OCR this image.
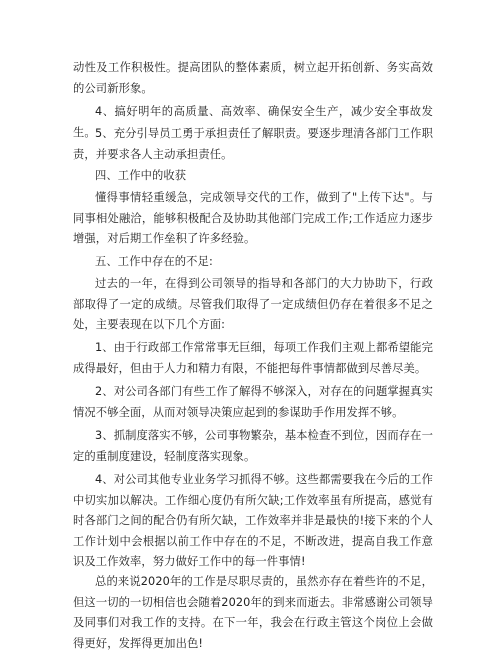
动性及工作积极性。提高团队的整体素质，树立起开拓创新、务实高效的公司新形象。

4、搞好明年的高质量、高效率、确保安全生产，减少安全事故发生。 5、充分引导员工勇于承担责任了解职责。要逐步理清各部门工作职责，并要求各人主动承担责任。

四、工作中的收获

懂得事情轻重缓急，完成领导交代的工作，做到了"上传下达"。与同事相处融洽，能够积极配合及协助其他部门完成工作;工作适应力逐步增强，对后期工作垒积了许多经验。

五、工作中存在的不足:

过去的一年，在得到公司领导的指导和各部门的大力协助下，行政部取得了一定的成绩。尽管我们取得了一定成绩但仍存在着很多不足之处，主要表现在以下几个方面:

1、由于行政部工作常常事无巨细，每项工作我们主观上都希望能完成得最好，但由于人力和精力有限，不能把每件事情都做到尽善尽美。

2、对公司各部门有些工作了解得不够深入，对存在的问题掌握真实情况不够全面，从而对领导决策应起到的参谋助手作用发挥不够。

3、抓制度落实不够，公司事物繁杂，基本检查不到位，因而存在一定的重制度建设，轻制度落实现象。

4、对公司其他专业业务学习抓得不够。这些都需要我在今后的工作中切实加以解决。工作细心度仍有所欠缺;工作效率虽有所提高，感觉有时各部门之间的配合仍有所欠缺，工作效率并非是最快的!接下来的个人工作计划中会根据以前工作中存在的不足，不断改进，提高自我工作意识及工作效率，努力做好工作中的每一件事情!

总的来说2020年的工作是尽职尽责的，虽然亦存在着些许的不足，但这一切的一切相信也会随着2020年的到来而逝去。非常感谢公司领导及同事们对我工作的支持。在下一年，我会在行政主管这个岗位上会做得更好，发挥得更加出色!
